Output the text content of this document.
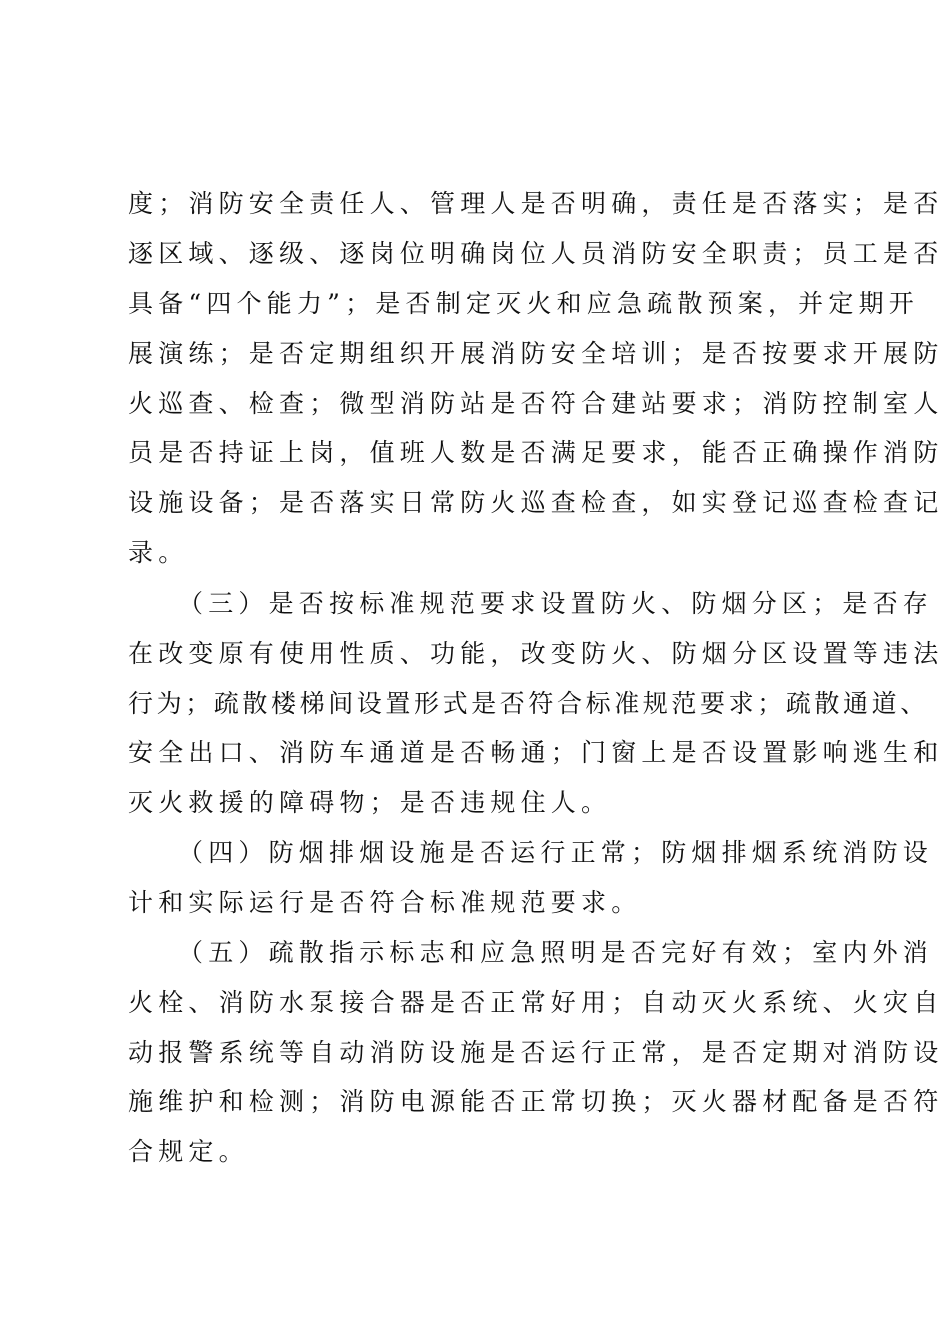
度；消防安全责任人、管理人是否明确，责任是否落实；是否
逐区域、逐级、逐岗位明确岗位人员消防安全职责；员工是否
具备“四个能力”；是否制定灭火和应急疏散预案，并定期开
展演练；是否定期组织开展消防安全培训；是否按要求开展防
火巡查、检查；微型消防站是否符合建站要求；消防控制室人
员是否持证上岗，值班人数是否满足要求，能否正确操作消防
设施设备；是否落实日常防火巡查检查，如实登记巡查检查记
录。
（三）是否按标准规范要求设置防火、防烟分区；是否存
在改变原有使用性质、功能，改变防火、防烟分区设置等违法
行为；疏散楼梯间设置形式是否符合标准规范要求；疏散通道、
安全出口、消防车通道是否畅通；门窗上是否设置影响逃生和
灭火救援的障碍物；是否违规住人。
（四）防烟排烟设施是否运行正常；防烟排烟系统消防设
计和实际运行是否符合标准规范要求。
（五）疏散指示标志和应急照明是否完好有效；室内外消
火栓、消防水泵接合器是否正常好用；自动灭火系统、火灾自
动报警系统等自动消防设施是否运行正常，是否定期对消防设
施维护和检测；消防电源能否正常切换；灭火器材配备是否符
合规定。
